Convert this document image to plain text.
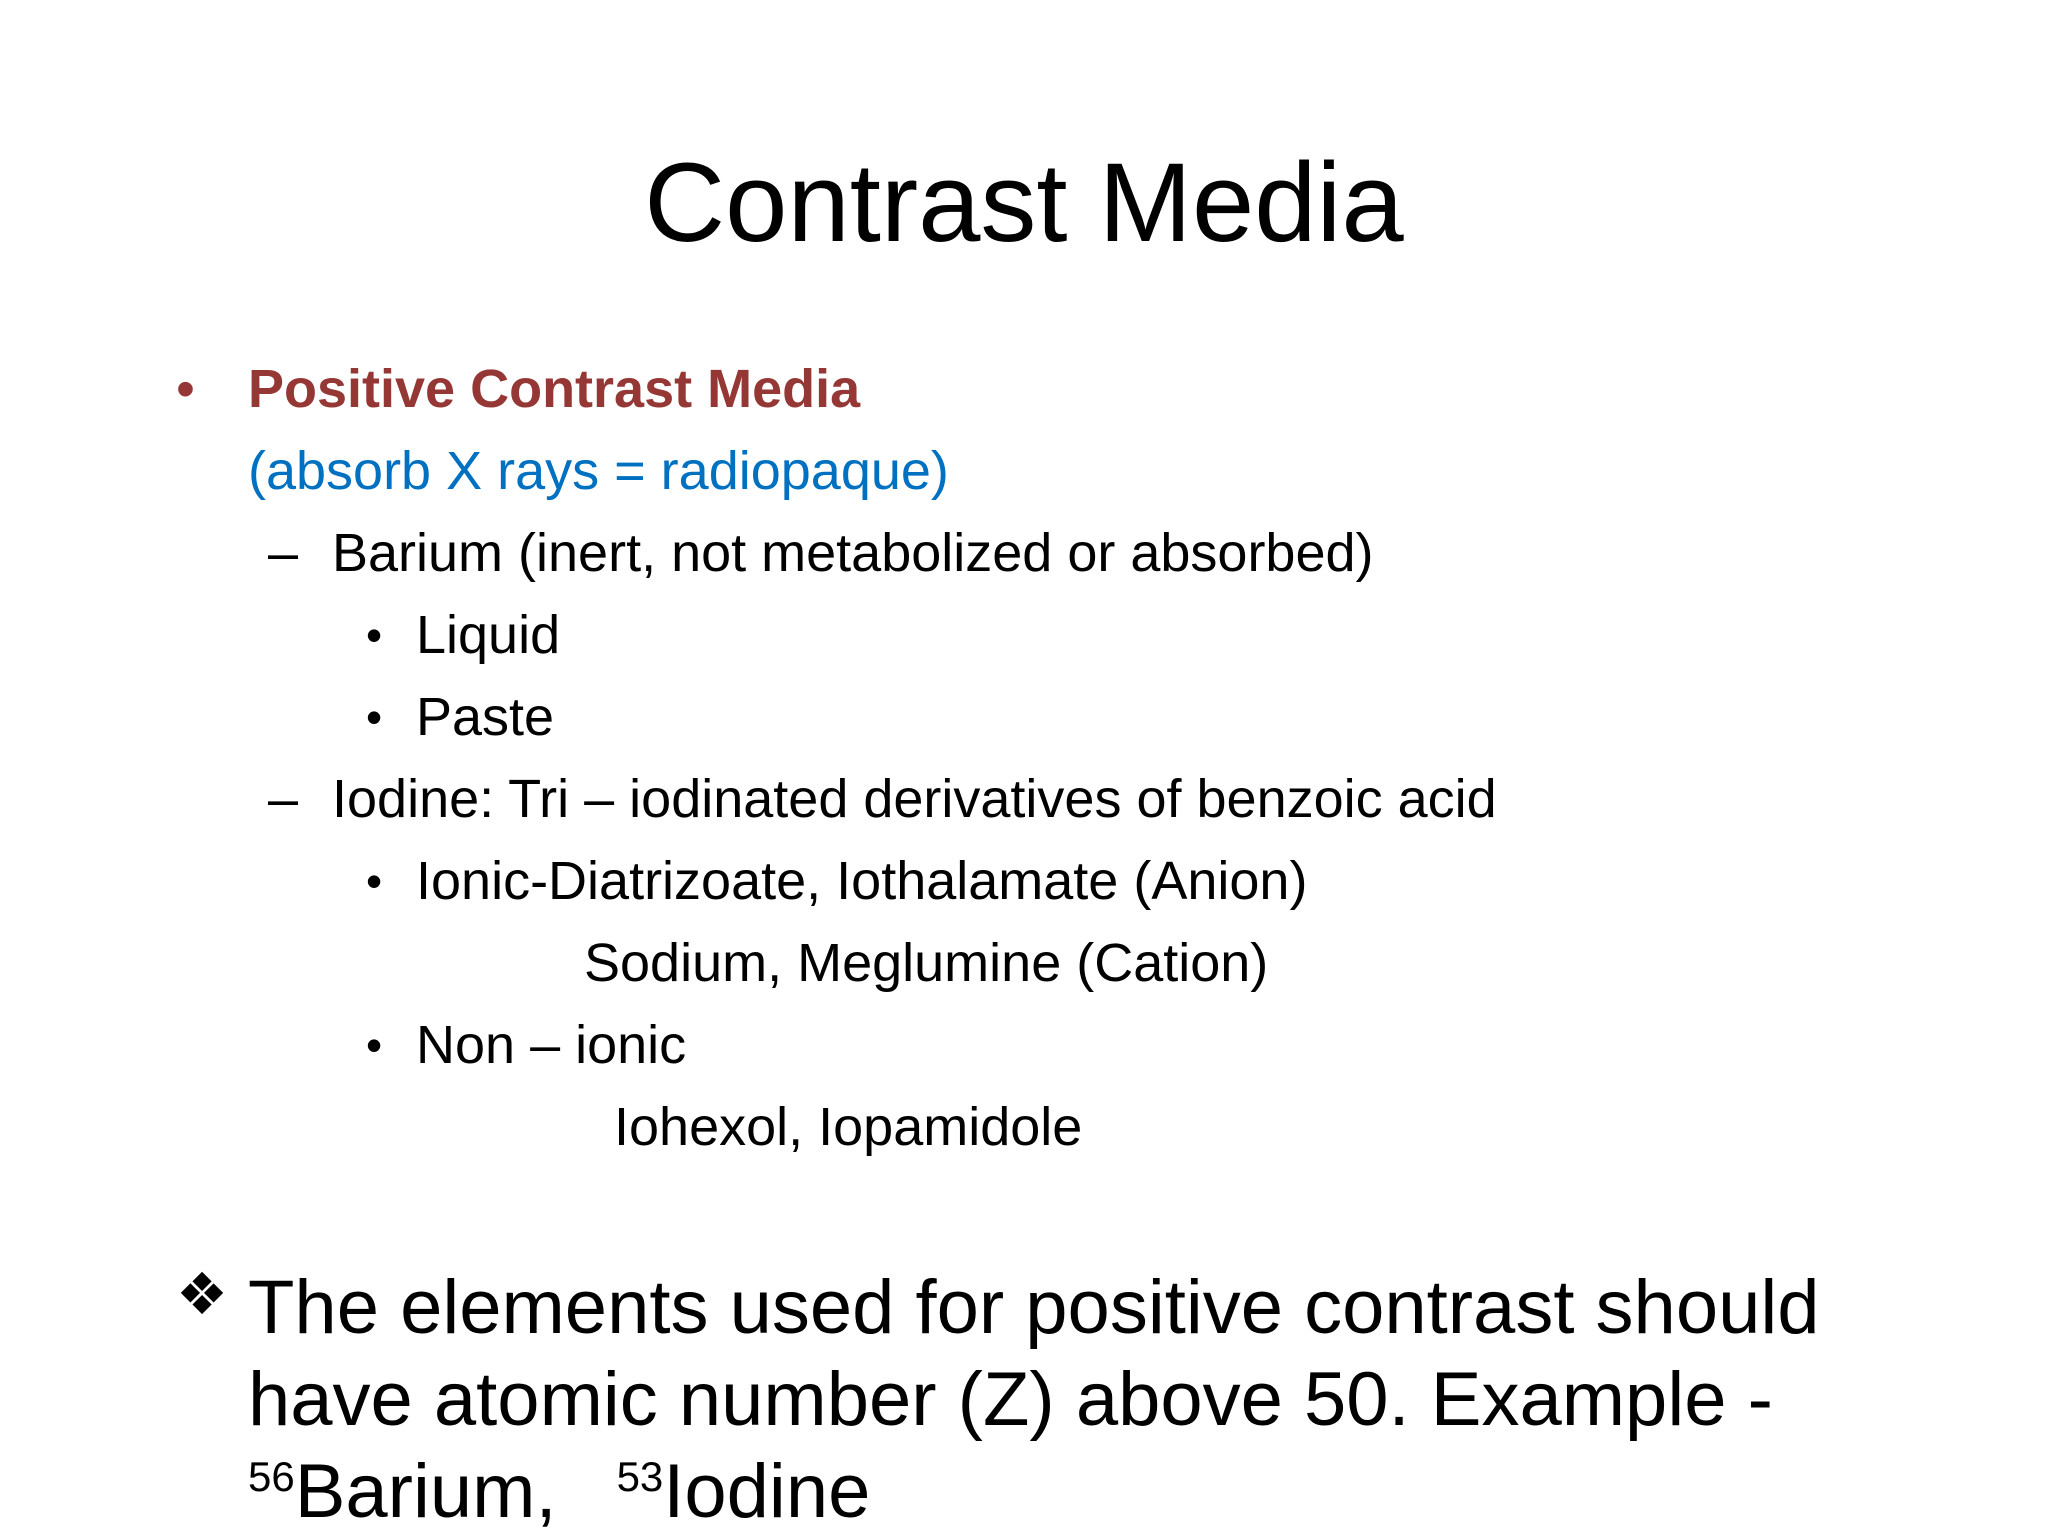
Contrast Media
• Positive Contrast Media
(absorb X rays = radiopaque)
– Barium (inert, not metabolized or absorbed)
• Liquid
• Paste
– Iodine: Tri – iodinated derivatives of benzoic acid
• Ionic-Diatrizoate, Iothalamate (Anion)
Sodium, Meglumine (Cation)
• Non – ionic
Iohexol, Iopamidole
❖ The elements used for positive contrast should
have atomic number (Z) above 50. Example -
$^{56}$Barium, $^{53}$Iodine
